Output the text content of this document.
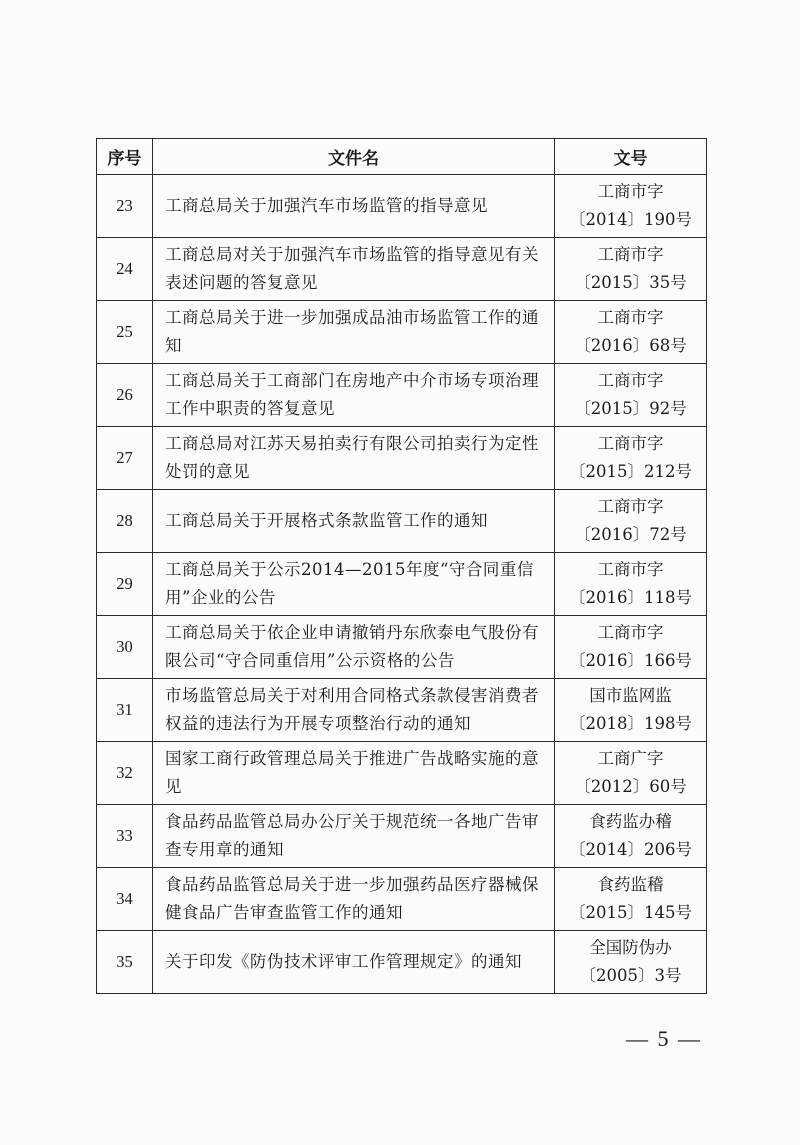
序号	文件名	文号
23	工商总局关于加强汽车市场监管的指导意见	工商市字
〔2014〕190号

24	工商总局对关于加强汽车市场监管的指导意见有关表述问题的答复意见	工商市字
〔2015〕35号

25	工商总局关于进一步加强成品油市场监管工作的通知	工商市字
〔2016〕68号

26	工商总局关于工商部门在房地产中介市场专项治理工作中职责的答复意见	工商市字
〔2015〕92号

27	工商总局对江苏天易拍卖行有限公司拍卖行为定性处罚的意见	工商市字
〔2015〕212号

28	工商总局关于开展格式条款监管工作的通知	工商市字
〔2016〕72号

29	工商总局关于公示2014—2015年度“守合同重信用”企业的公告	工商市字
〔2016〕118号

30	工商总局关于依企业申请撤销丹东欣泰电气股份有限公司“守合同重信用”公示资格的公告	工商市字
〔2016〕166号

31	市场监管总局关于对利用合同格式条款侵害消费者权益的违法行为开展专项整治行动的通知	国市监网监
〔2018〕198号

32	国家工商行政管理总局关于推进广告战略实施的意见	工商广字
〔2012〕60号

33	食品药品监管总局办公厅关于规范统一各地广告审查专用章的通知	食药监办稽
〔2014〕206号

34	食品药品监管总局关于进一步加强药品医疗器械保健食品广告审查监管工作的通知	食药监稽
〔2015〕145号

35	关于印发《防伪技术评审工作管理规定》的通知	全国防伪办
〔2005〕3号
— 5 —
